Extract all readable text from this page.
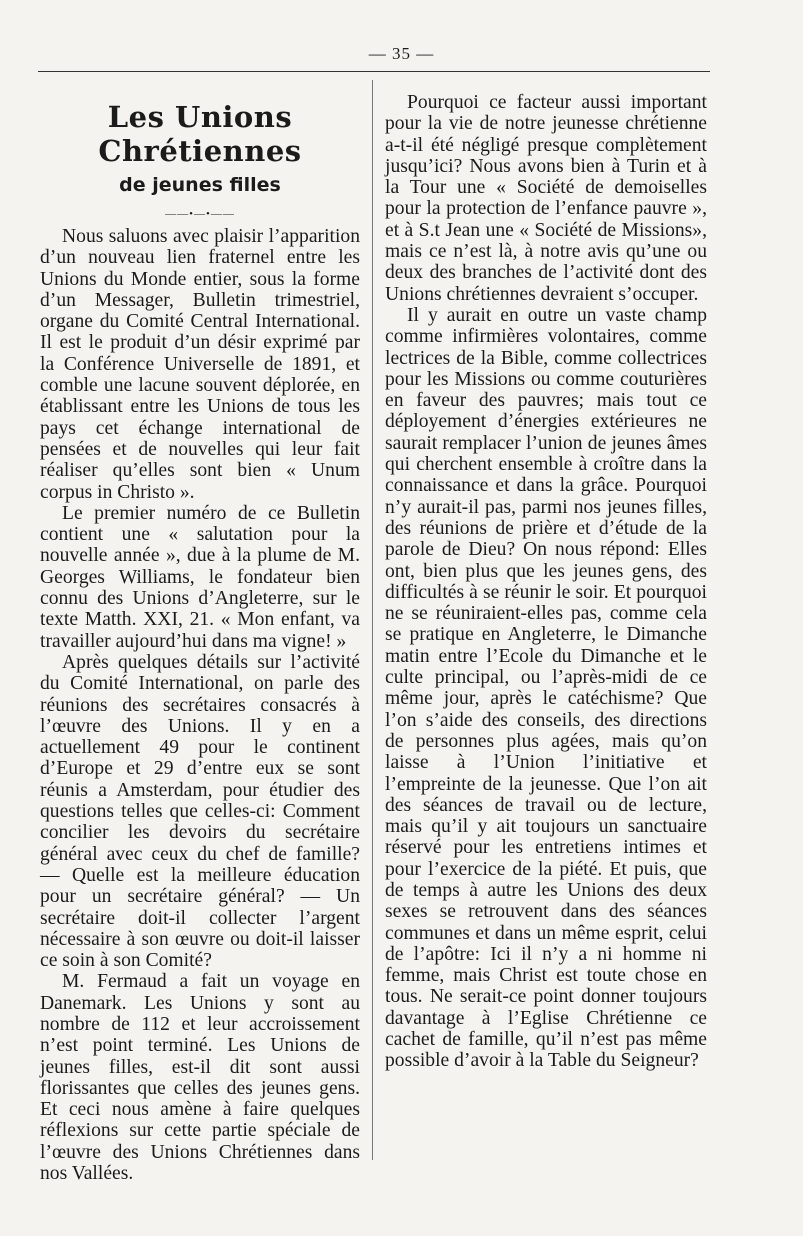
— 35 —
Les Unions Chrétiennes
de jeunes filles
——•—•——

Nous saluons avec plaisir l’apparition d’un nouveau lien fraternel entre les Unions du Monde entier, sous la forme d’un Messager, Bulletin trimestriel, organe du Comité Central International. Il est le produit d’un désir exprimé par la Conférence Universelle de 1891, et comble une lacune souvent déplorée, en établissant entre les Unions de tous les pays cet échange international de pensées et de nouvelles qui leur fait réaliser qu’elles sont bien « Unum corpus in Christo ».

Le premier numéro de ce Bulletin contient une « salutation pour la nouvelle année », due à la plume de M. Georges Williams, le fondateur bien connu des Unions d’Angleterre, sur le texte Matth. XXI, 21. « Mon enfant, va travailler aujourd’hui dans ma vigne! »

Après quelques détails sur l’activité du Comité International, on parle des réunions des secrétaires consacrés à l’œuvre des Unions. Il y en a actuellement 49 pour le continent d’Europe et 29 d’entre eux se sont réunis a Amsterdam, pour étudier des questions telles que celles-ci: Comment concilier les devoirs du secrétaire général avec ceux du chef de famille? — Quelle est la meilleure éducation pour un secrétaire général? — Un secrétaire doit-il collecter l’argent nécessaire à son œuvre ou doit-il laisser ce soin à son Comité?

M. Fermaud a fait un voyage en Danemark. Les Unions y sont au nombre de 112 et leur accroissement n’est point terminé. Les Unions de jeunes filles, est-il dit sont aussi florissantes que celles des jeunes gens. Et ceci nous amène à faire quelques réflexions sur cette partie spéciale de l’œuvre des Unions Chrétiennes dans nos Vallées.

Pourquoi ce facteur aussi important pour la vie de notre jeunesse chrétienne a-t-il été négligé presque complètement jusqu’ici? Nous avons bien à Turin et à la Tour une « Société de demoiselles pour la protection de l’enfance pauvre », et à S.t Jean une « Société de Missions», mais ce n’est là, à notre avis qu’une ou deux des branches de l’activité dont des Unions chrétiennes devraient s’occuper.

Il y aurait en outre un vaste champ comme infirmières volontaires, comme lectrices de la Bible, comme collectrices pour les Missions ou comme couturières en faveur des pauvres; mais tout ce déployement d’énergies extérieures ne saurait remplacer l’union de jeunes âmes qui cherchent ensemble à croître dans la connaissance et dans la grâce. Pourquoi n’y aurait-il pas, parmi nos jeunes filles, des réunions de prière et d’étude de la parole de Dieu? On nous répond: Elles ont, bien plus que les jeunes gens, des difficultés à se réunir le soir. Et pourquoi ne se réuniraient-elles pas, comme cela se pratique en Angleterre, le Dimanche matin entre l’Ecole du Dimanche et le culte principal, ou l’après-midi de ce même jour, après le catéchisme? Que l’on s’aide des conseils, des directions de personnes plus agées, mais qu’on laisse à l’Union l’initiative et l’empreinte de la jeunesse. Que l’on ait des séances de travail ou de lecture, mais qu’il y ait toujours un sanctuaire réservé pour les entretiens intimes et pour l’exercice de la piété. Et puis, que de temps à autre les Unions des deux sexes se retrouvent dans des séances communes et dans un même esprit, celui de l’apôtre: Ici il n’y a ni homme ni femme, mais Christ est toute chose en tous. Ne serait-ce point donner toujours davantage à l’Eglise Chrétienne ce cachet de famille, qu’il n’est pas même possible d’avoir à la Table du Seigneur?
